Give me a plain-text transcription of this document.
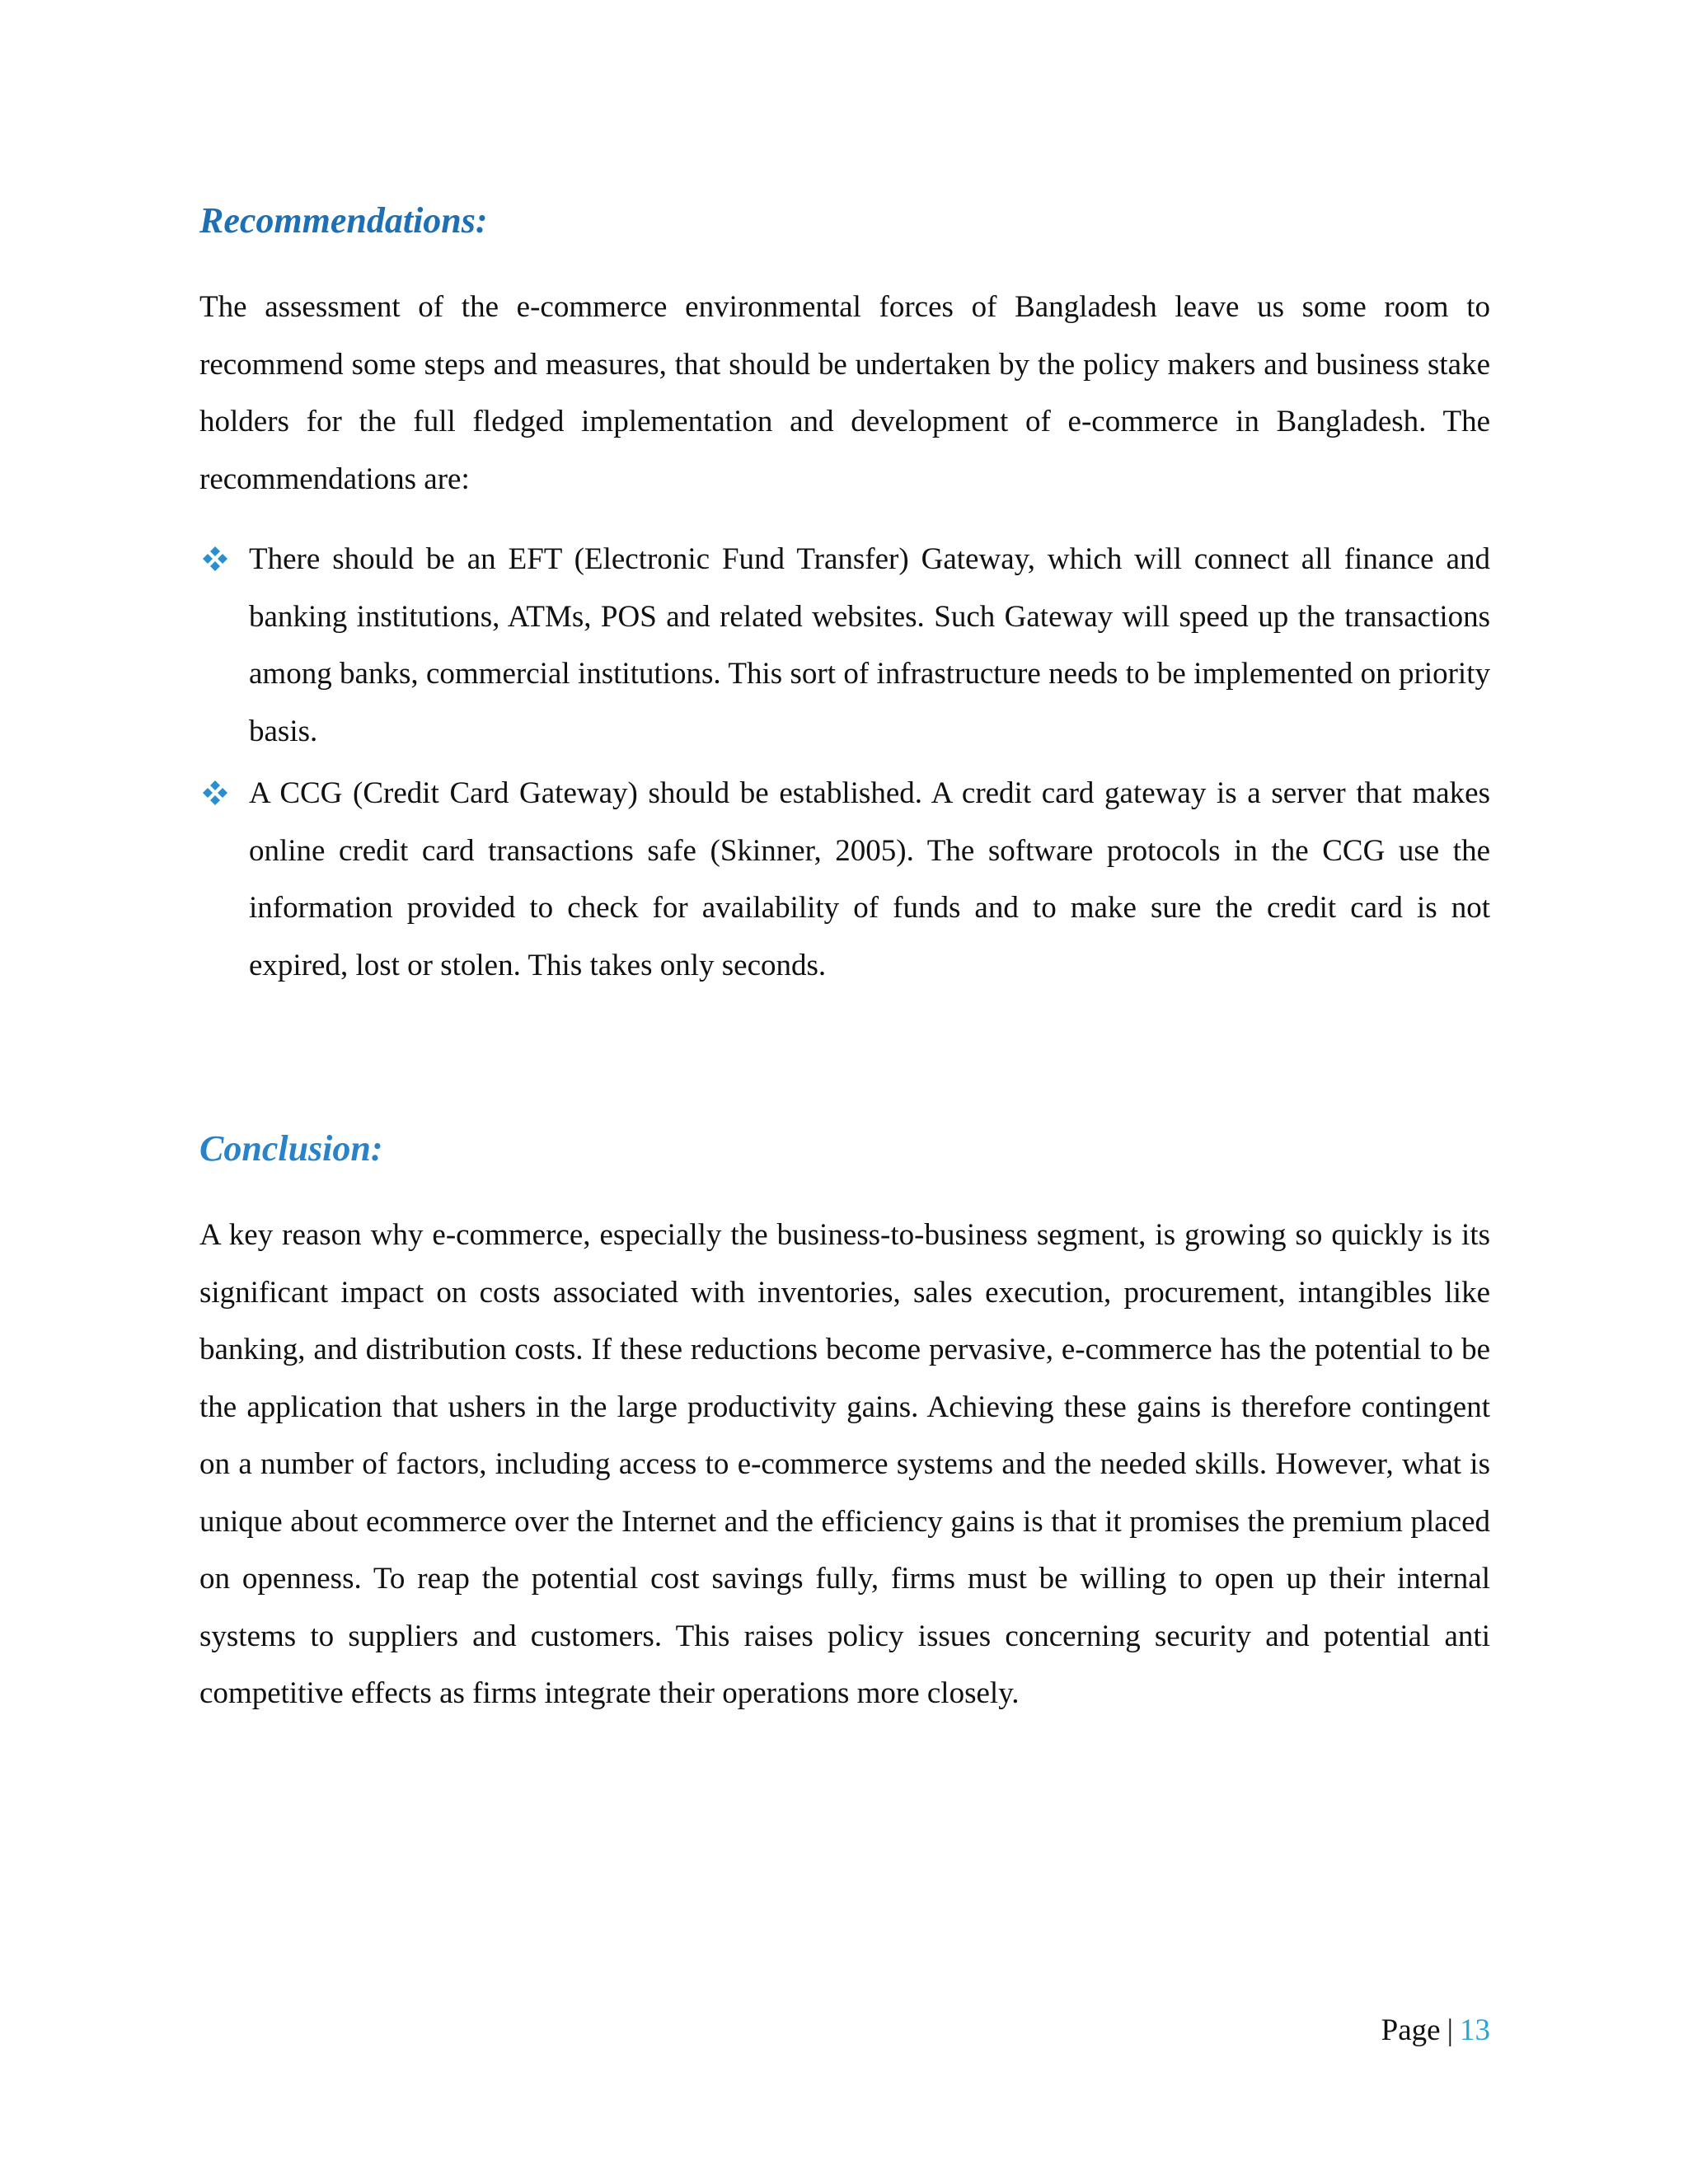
Recommendations:

The assessment of the e-commerce environmental forces of Bangladesh leave us some room to recommend some steps and measures, that should be undertaken by the policy makers and business stake holders for the full fledged implementation and development of e-commerce in Bangladesh. The recommendations are:

There should be an EFT (Electronic Fund Transfer) Gateway, which will connect all finance and banking institutions, ATMs, POS and related websites. Such Gateway will speed up the transactions among banks, commercial institutions. This sort of infrastructure needs to be implemented on priority basis.
A CCG (Credit Card Gateway) should be established. A credit card gateway is a server that makes online credit card transactions safe (Skinner, 2005). The software protocols in the CCG use the information provided to check for availability of funds and to make sure the credit card is not expired, lost or stolen. This takes only seconds.
Conclusion:

A key reason why e-commerce, especially the business-to-business segment, is growing so quickly is its significant impact on costs associated with inventories, sales execution, procurement, intangibles like banking, and distribution costs. If these reductions become pervasive, e-commerce has the potential to be the application that ushers in the large productivity gains. Achieving these gains is therefore contingent on a number of factors, including access to e-commerce systems and the needed skills. However, what is unique about ecommerce over the Internet and the efficiency gains is that it promises the premium placed on openness. To reap the potential cost savings fully, firms must be willing to open up their internal systems to suppliers and customers. This raises policy issues concerning security and potential anti competitive effects as firms integrate their operations more closely.

Page | 13
